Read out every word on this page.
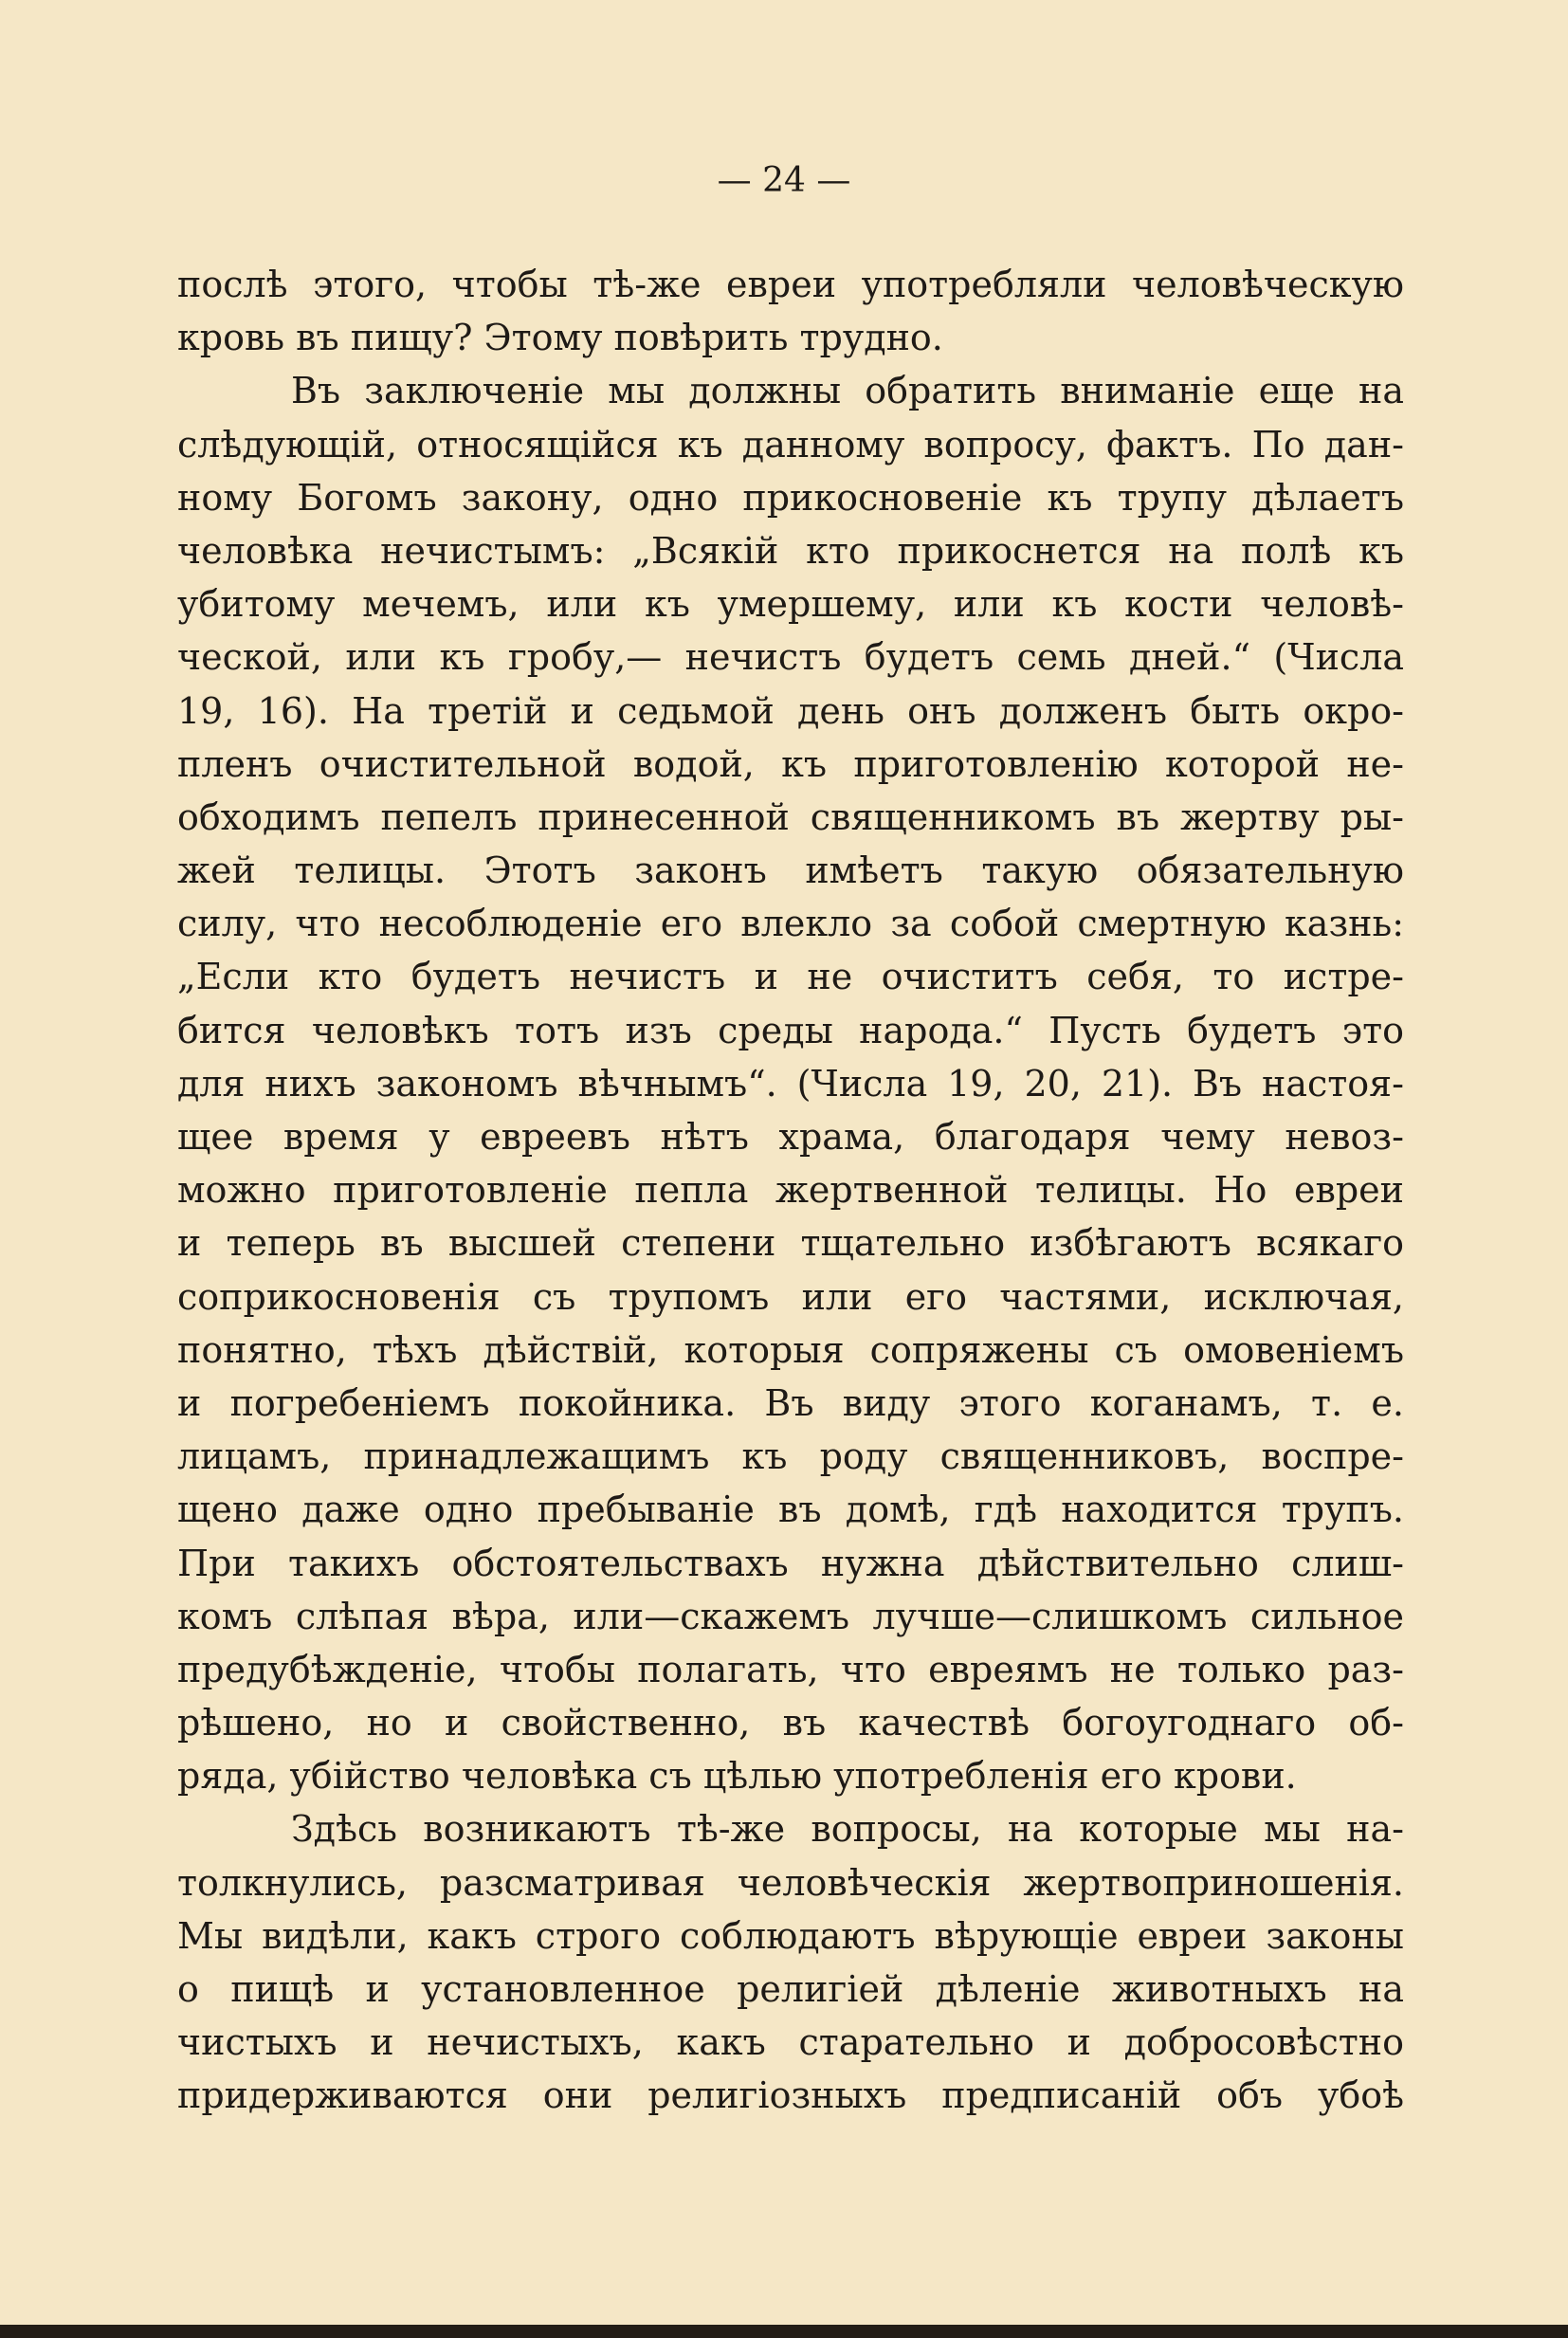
— 24 —
послѣ этого, чтобы тѣ-же евреи употребляли человѣческую
кровь въ пищу? Этому повѣрить трудно.
Въ заключеніе мы должны обратить вниманіе еще на
слѣдующій, относящійся къ данному вопросу, фактъ. По дан-
ному Богомъ закону, одно прикосновеніе къ трупу дѣлаетъ
человѣка нечистымъ: „Всякій кто прикоснется на полѣ къ
убитому мечемъ, или къ умершему, или къ кости человѣ-
ческой, или къ гробу,— нечистъ будетъ семь дней.“ (Числа
19, 16). На третій и седьмой день онъ долженъ быть окро-
пленъ очистительной водой, къ приготовленію которой не-
обходимъ пепелъ принесенной священникомъ въ жертву ры-
жей телицы. Этотъ законъ имѣетъ такую обязательную
силу, что несоблюденіе его влекло за собой смертную казнь:
„Если кто будетъ нечистъ и не очиститъ себя, то истре-
бится человѣкъ тотъ изъ среды народа.“ Пусть будетъ это
для нихъ закономъ вѣчнымъ“. (Числа 19, 20, 21). Въ настоя-
щее время у евреевъ нѣтъ храма, благодаря чему невоз-
можно приготовленіе пепла жертвенной телицы. Но евреи
и теперь въ высшей степени тщательно избѣгаютъ всякаго
соприкосновенія съ трупомъ или его частями, исключая,
понятно, тѣхъ дѣйствій, которыя сопряжены съ омовеніемъ
и погребеніемъ покойника. Въ виду этого коганамъ, т. е.
лицамъ, принадлежащимъ къ роду священниковъ, воспре-
щено даже одно пребываніе въ домѣ, гдѣ находится трупъ.
При такихъ обстоятельствахъ нужна дѣйствительно слиш-
комъ слѣпая вѣра, или—скажемъ лучше—слишкомъ сильное
предубѣжденіе, чтобы полагать, что евреямъ не только раз-
рѣшено, но и свойственно, въ качествѣ богоугоднаго об-
ряда, убійство человѣка съ цѣлью употребленія его крови.
Здѣсь возникаютъ тѣ-же вопросы, на которые мы на-
толкнулись, разсматривая человѣческія жертвоприношенія.
Мы видѣли, какъ строго соблюдаютъ вѣрующіе евреи законы
о пищѣ и установленное религіей дѣленіе животныхъ на
чистыхъ и нечистыхъ, какъ старательно и добросовѣстно
придерживаются они религіозныхъ предписаній объ убоѣ
